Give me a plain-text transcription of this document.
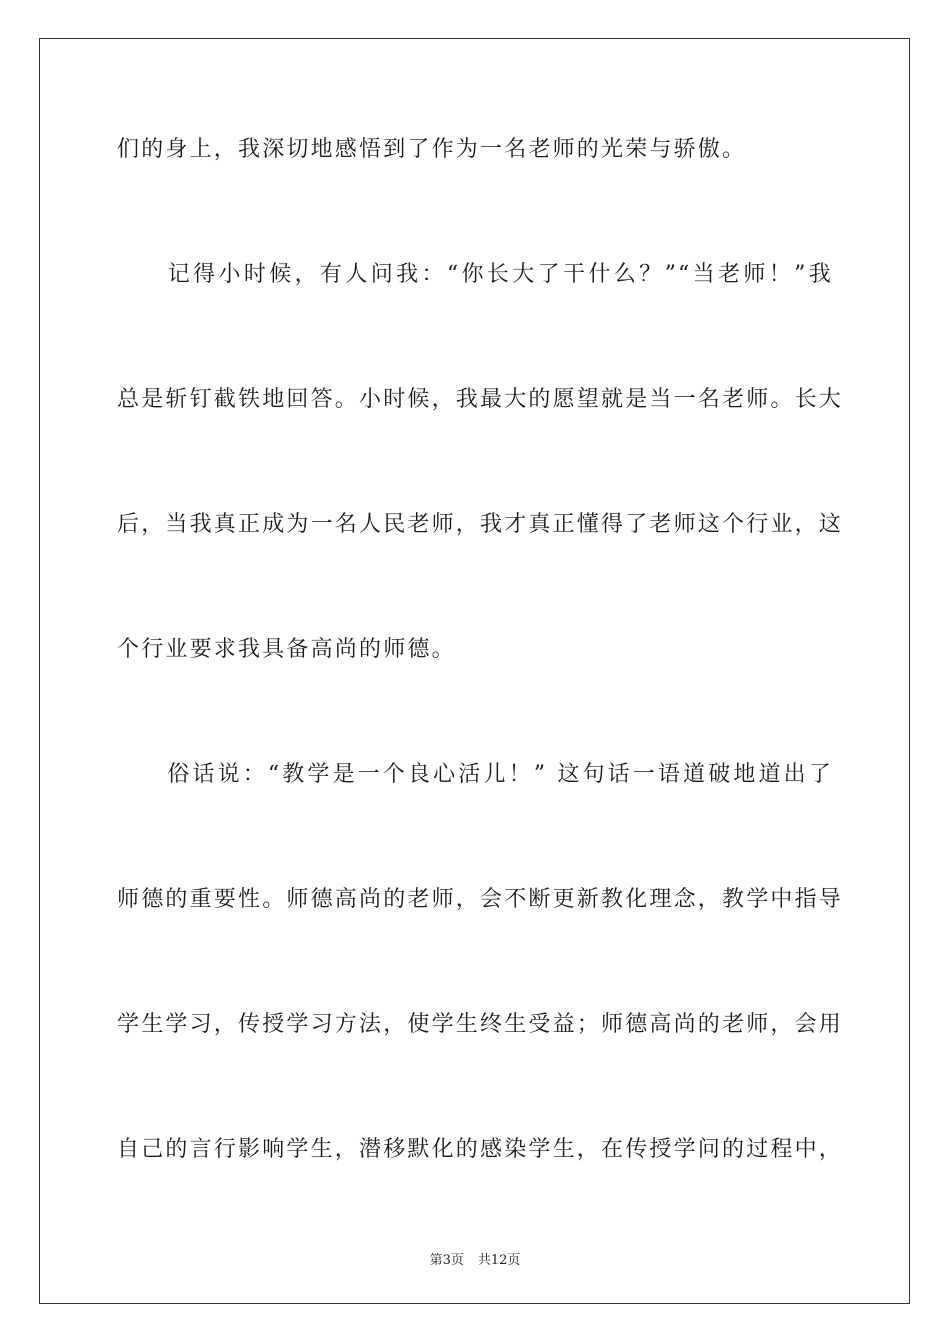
们的身上，我深切地感悟到了作为一名老师的光荣与骄傲。
　　记得小时候，有人问我：“你长大了干什么？”“当老师！”我
总是斩钉截铁地回答。小时候，我最大的愿望就是当一名老师。长大
后，当我真正成为一名人民老师，我才真正懂得了老师这个行业，这
个行业要求我具备高尚的师德。
　　俗话说：“教学是一个良心活儿！” 这句话一语道破地道出了
师德的重要性。师德高尚的老师，会不断更新教化理念，教学中指导
学生学习，传授学习方法，使学生终生受益；师德高尚的老师，会用
自己的言行影响学生，潜移默化的感染学生，在传授学问的过程中，
第3页 共12页
